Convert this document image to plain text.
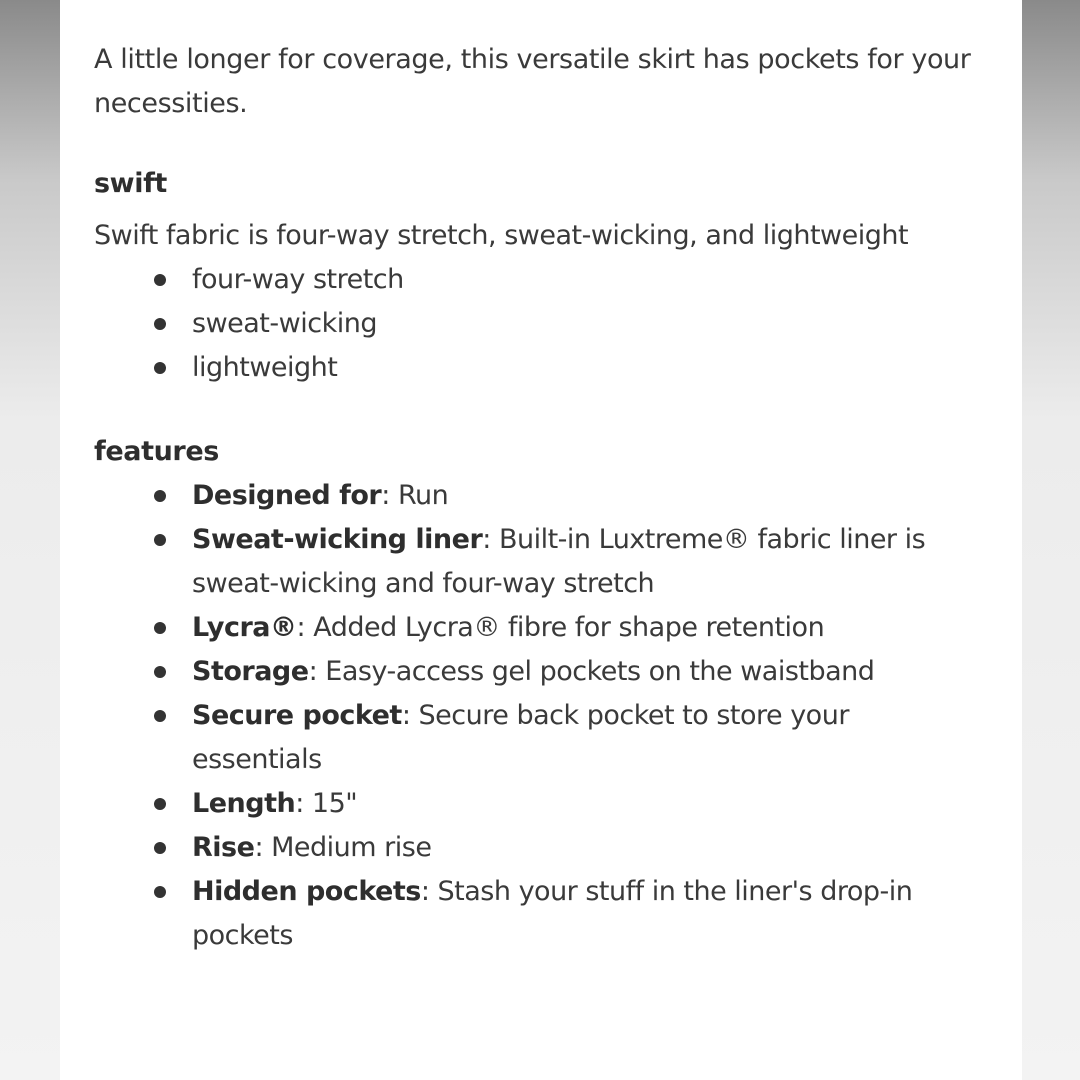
A little longer for coverage, this versatile skirt has pockets for your necessities.

swift

Swift fabric is four-way stretch, sweat-wicking, and lightweight

four-way stretch
sweat-wicking
lightweight
features
Designed for: Run
Sweat-wicking liner: Built-in Luxtreme® fabric liner is sweat-wicking and four-way stretch
Lycra®: Added Lycra® fibre for shape retention
Storage: Easy-access gel pockets on the waistband
Secure pocket: Secure back pocket to store your essentials
Length: 15"
Rise: Medium rise
Hidden pockets: Stash your stuff in the liner's drop-in pockets
